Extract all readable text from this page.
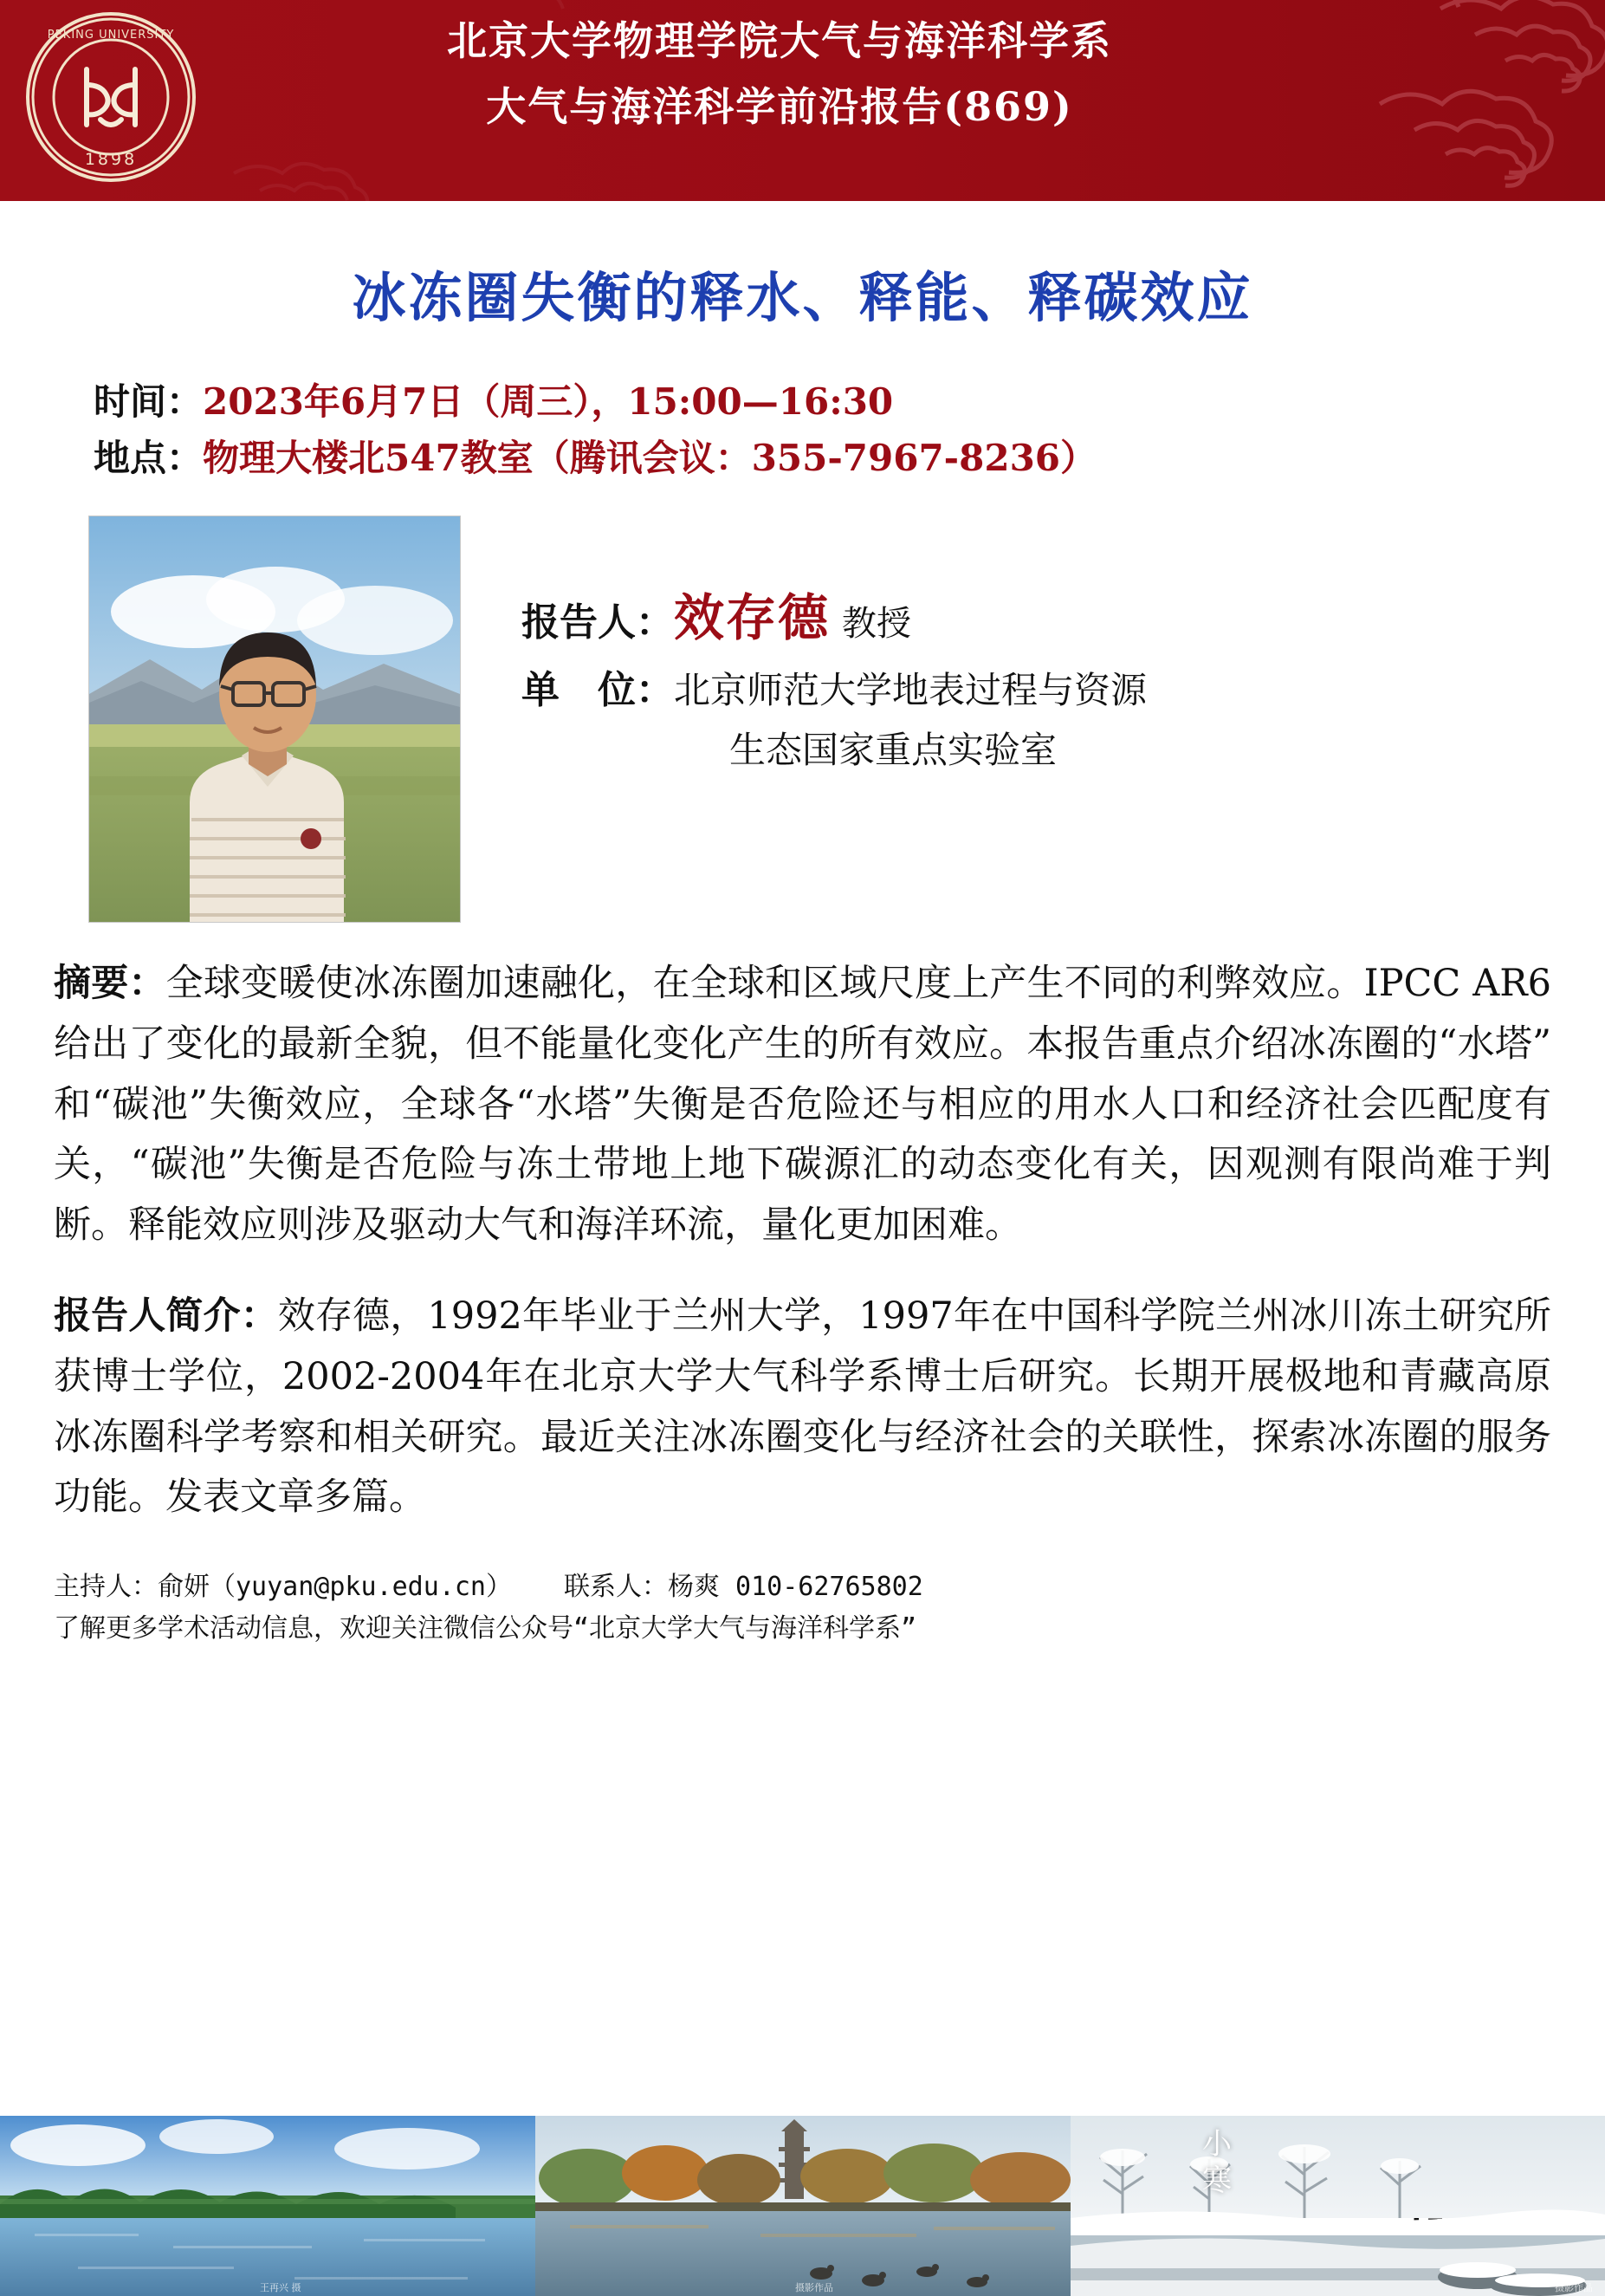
PEKING UNIVERSITY
1898
北京大学物理学院大气与海洋科学系
大气与海洋科学前沿报告(869)
冰冻圈失衡的释水、释能、释碳效应
时间： 2023年6月7日（周三），15:00—16:30
地点： 物理大楼北547教室（腾讯会议：355-7967-8236）
报告人： 效存德 教授
单　位： 北京师范大学地表过程与资源
生态国家重点实验室
摘要：全球变暖使冰冻圈加速融化，在全球和区域尺度上产生不同的利弊效应。IPCC AR6给出了变化的最新全貌，但不能量化变化产生的所有效应。本报告重点介绍冰冻圈的“水塔”和“碳池”失衡效应，全球各“水塔”失衡是否危险还与相应的用水人口和经济社会匹配度有关，“碳池”失衡是否危险与冻土带地上地下碳源汇的动态变化有关，因观测有限尚难于判断。释能效应则涉及驱动大气和海洋环流，量化更加困难。
报告人简介：效存德，1992年毕业于兰州大学，1997年在中国科学院兰州冰川冻土研究所获博士学位，2002-2004年在北京大学大气科学系博士后研究。长期开展极地和青藏高原冰冻圈科学考察和相关研究。最近关注冰冻圈变化与经济社会的关联性，探索冰冻圈的服务功能。发表文章多篇。
主持人： 俞妍（yuyan@pku.edu.cn） 联系人： 杨爽 010-62765802
了解更多学术活动信息，欢迎关注微信公众号“北京大学大气与海洋科学系”
王再兴 摄	摄影作品
小
寒
摄影作品
